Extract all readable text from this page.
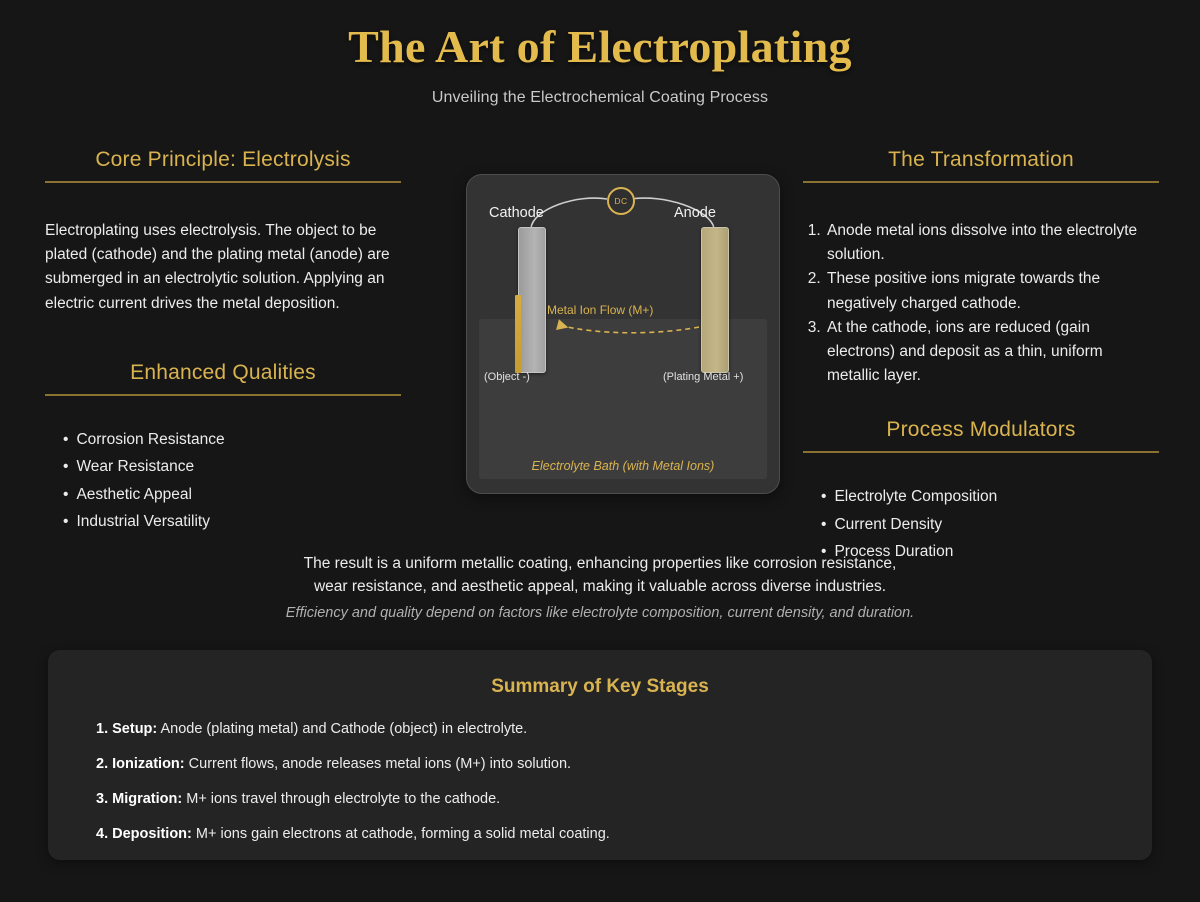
The Art of Electroplating
Unveiling the Electrochemical Coating Process
Core Principle: Electrolysis
Electroplating uses electrolysis. The object to be plated (cathode) and the plating metal (anode) are submerged in an electrolytic solution. Applying an electric current drives the metal deposition.
Enhanced Qualities
• Corrosion Resistance
• Wear Resistance
• Aesthetic Appeal
• Industrial Versatility
DC
Cathode	Anode
(Object -)	(Plating Metal +)
Metal Ion Flow (M+)
Electrolyte Bath (with Metal Ions)
The Transformation
1. Anode metal ions dissolve into the electrolyte solution.
2. These positive ions migrate towards the negatively charged cathode.
3. At the cathode, ions are reduced (gain electrons) and deposit as a thin, uniform metallic layer.
Process Modulators
• Electrolyte Composition
• Current Density
• Process Duration
The result is a uniform metallic coating, enhancing properties like corrosion resistance,
wear resistance, and aesthetic appeal, making it valuable across diverse industries.
Efficiency and quality depend on factors like electrolyte composition, current density, and duration.
Summary of Key Stages
1. Setup: Anode (plating metal) and Cathode (object) in electrolyte.
2. Ionization: Current flows, anode releases metal ions (M+) into solution.
3. Migration: M+ ions travel through electrolyte to the cathode.
4. Deposition: M+ ions gain electrons at cathode, forming a solid metal coating.
